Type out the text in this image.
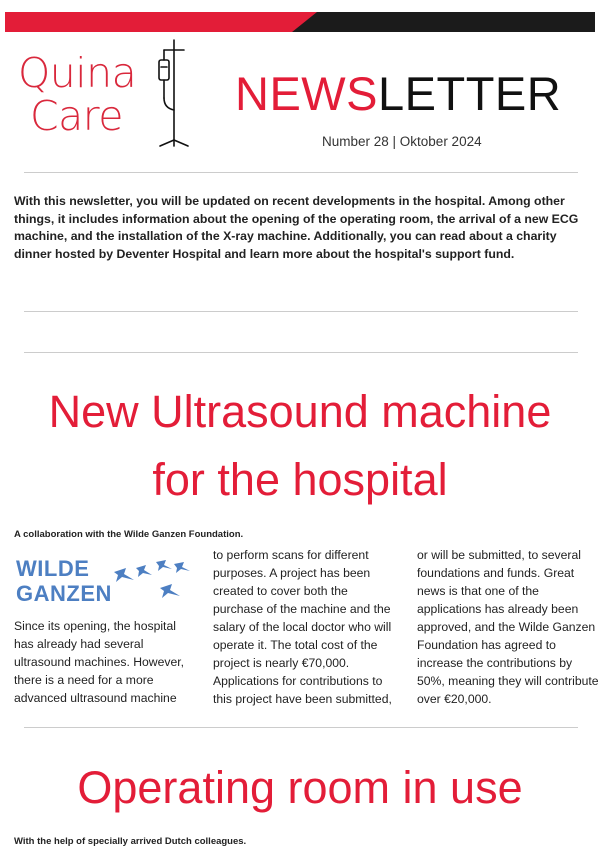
Quina
Care NEWSLETTER
Number 28 | Oktober 2024

With this newsletter, you will be updated on recent developments in the hospital. Among other things, it includes information about the opening of the operating room, the arrival of a new ECG machine, and the installation of the X-ray machine. Additionally, you can read about a charity dinner hosted by Deventer Hospital and learn more about the hospital's support fund.

New Ultrasound machine
for the hospital
A collaboration with the Wilde Ganzen Foundation.
WILDE
GANZEN

Since its opening, the hospital has already had several ultrasound machines. However, there is a need for a more advanced ultrasound machine

to perform scans for different purposes. A project has been created to cover both the purchase of the machine and the salary of the local doctor who will operate it. The total cost of the project is nearly €70,000. Applications for contributions to this project have been submitted,

or will be submitted, to several foundations and funds. Great news is that one of the applications has already been approved, and the Wilde Ganzen Foundation has agreed to increase the contributions by 50%, meaning they will contribute over €20,000.

Operating room in use
With the help of specially arrived Dutch colleagues.
